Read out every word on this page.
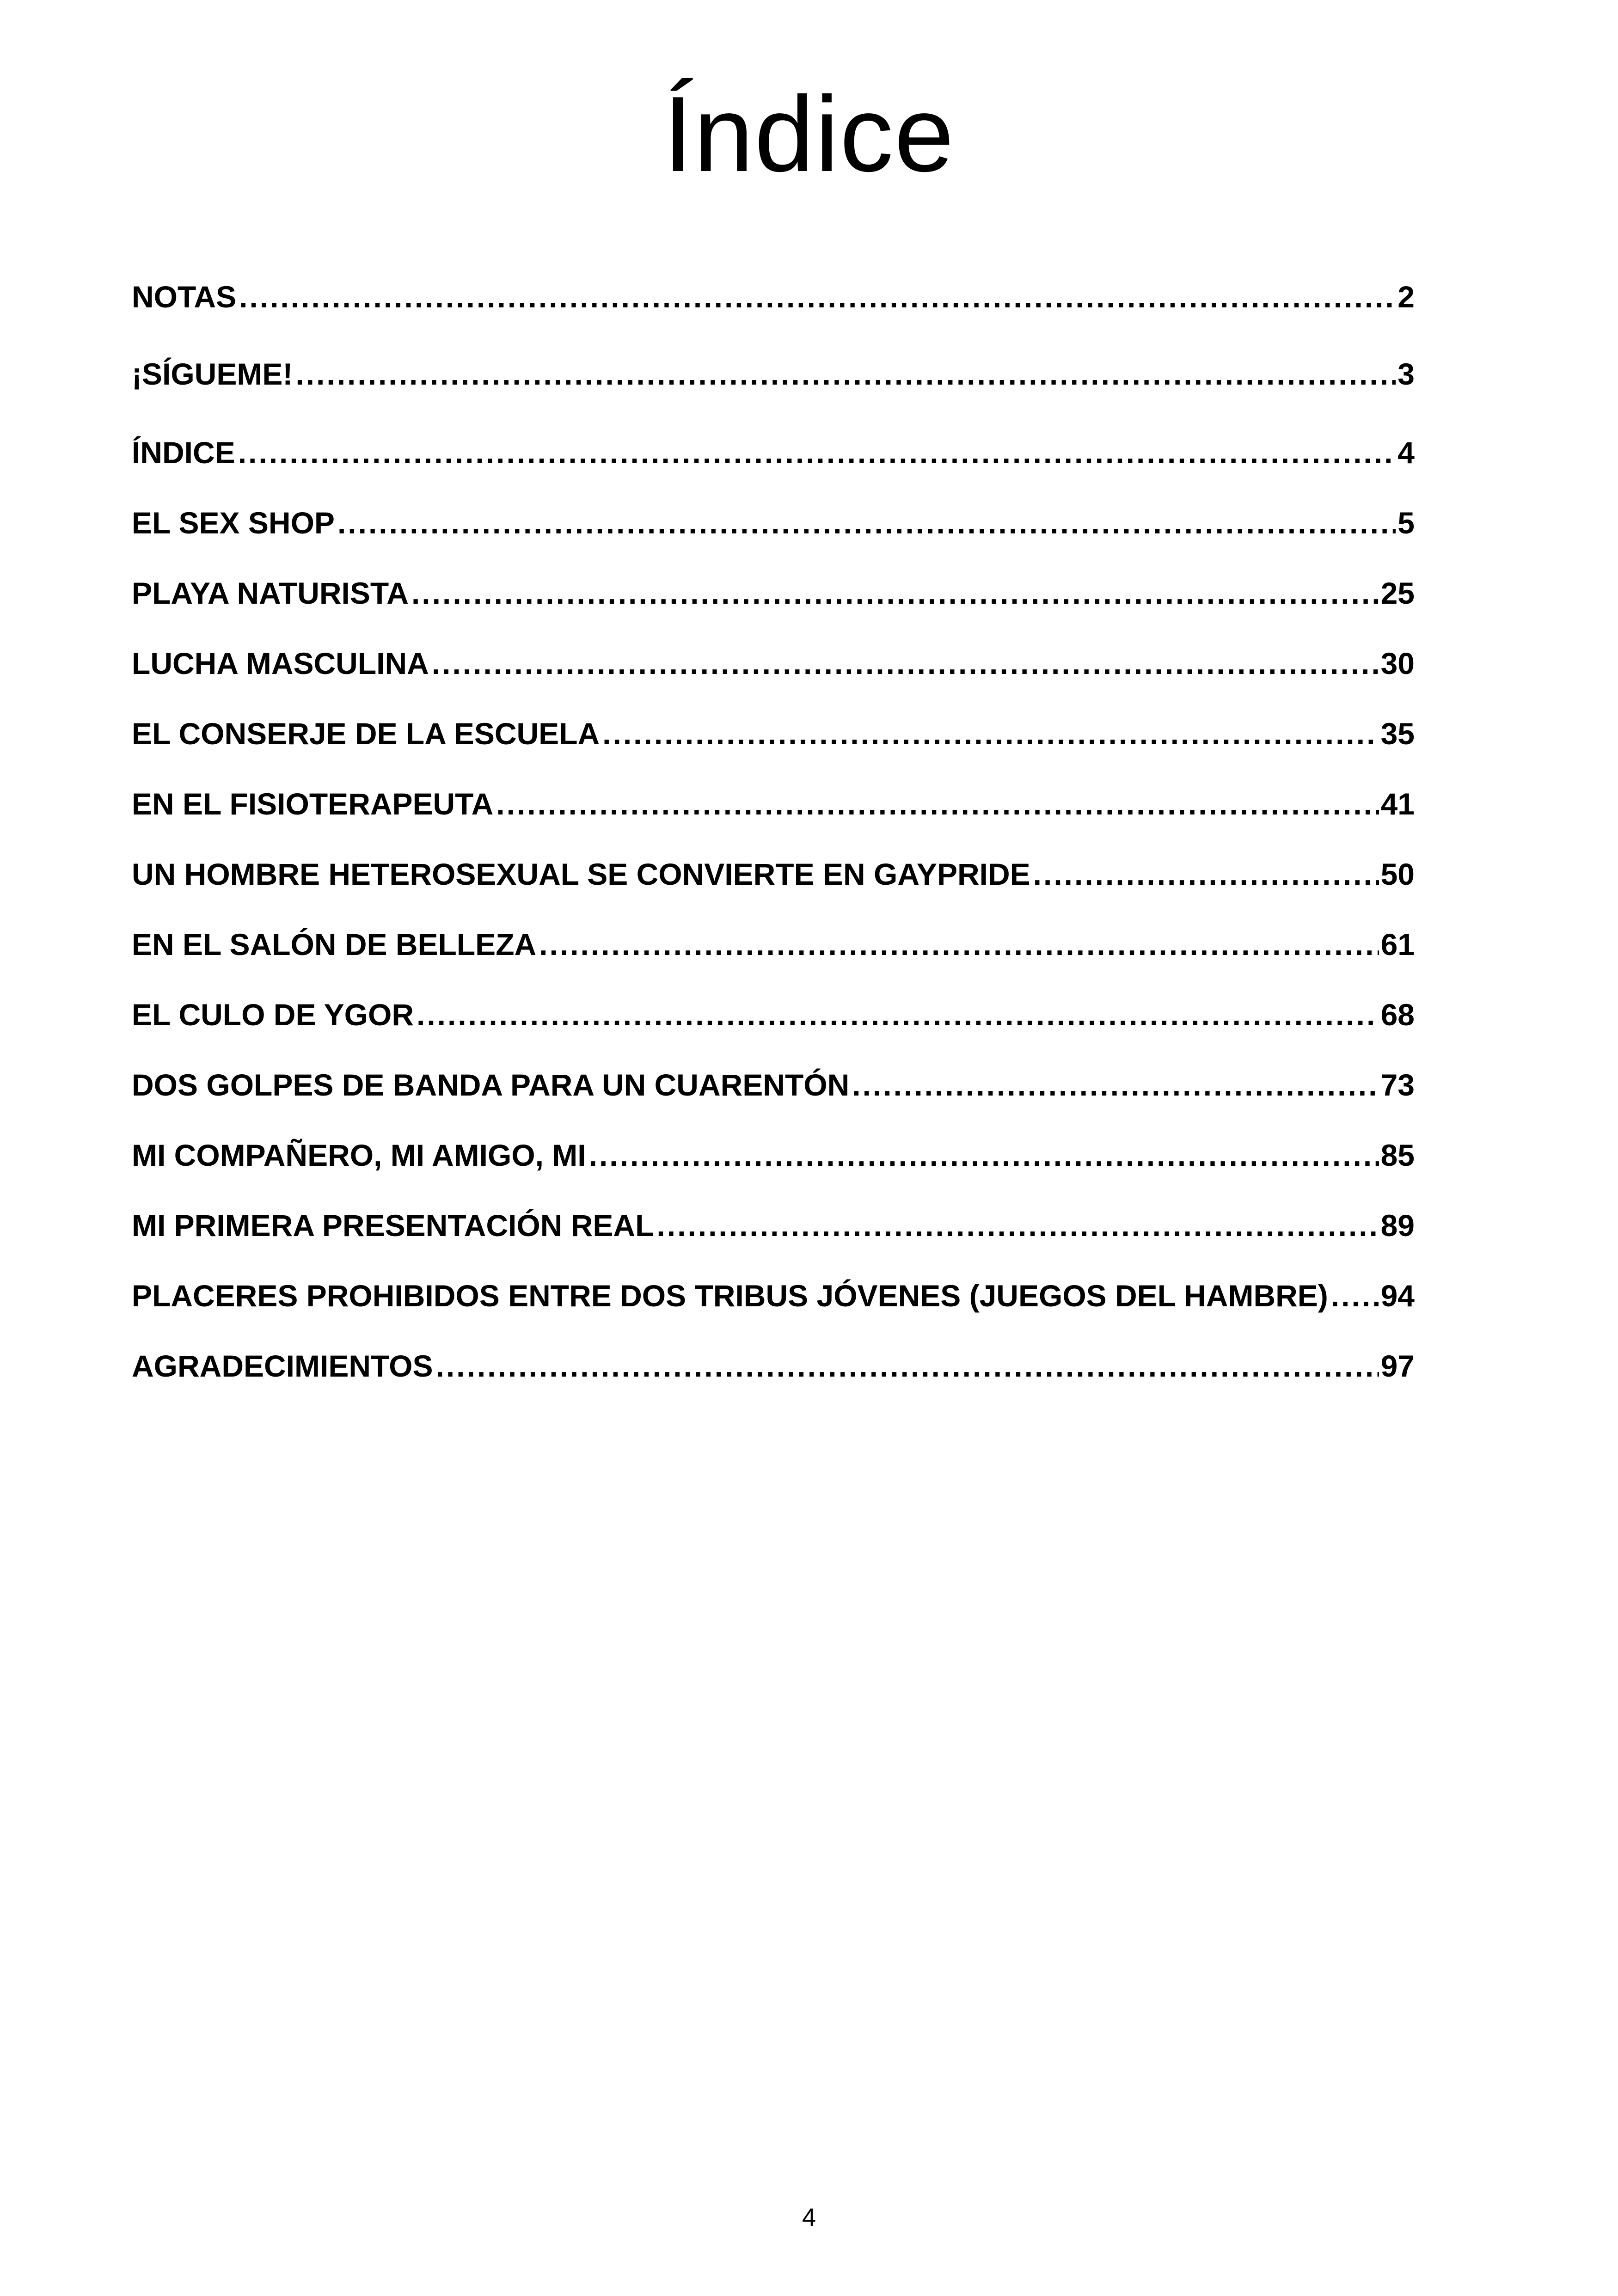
Índice
NOTAS .....	2
¡SÍGUEME! .....	3
ÍNDICE .....	4
EL SEX SHOP .....	5
PLAYA NATURISTA .....	25
LUCHA MASCULINA .....	30
EL CONSERJE DE LA ESCUELA .....	35
EN EL FISIOTERAPEUTA .....	41
UN HOMBRE HETEROSEXUAL SE CONVIERTE EN GAYPRIDE .....	50
EN EL SALÓN DE BELLEZA .....	61
EL CULO DE YGOR .....	68
DOS GOLPES DE BANDA PARA UN CUARENTÓN .....	73
MI COMPAÑERO, MI AMIGO, MI .....	85
MI PRIMERA PRESENTACIÓN REAL .....	89
PLACERES PROHIBIDOS ENTRE DOS TRIBUS JÓVENES (JUEGOS DEL HAMBRE) ..... 94
AGRADECIMIENTOS .....	97
4
